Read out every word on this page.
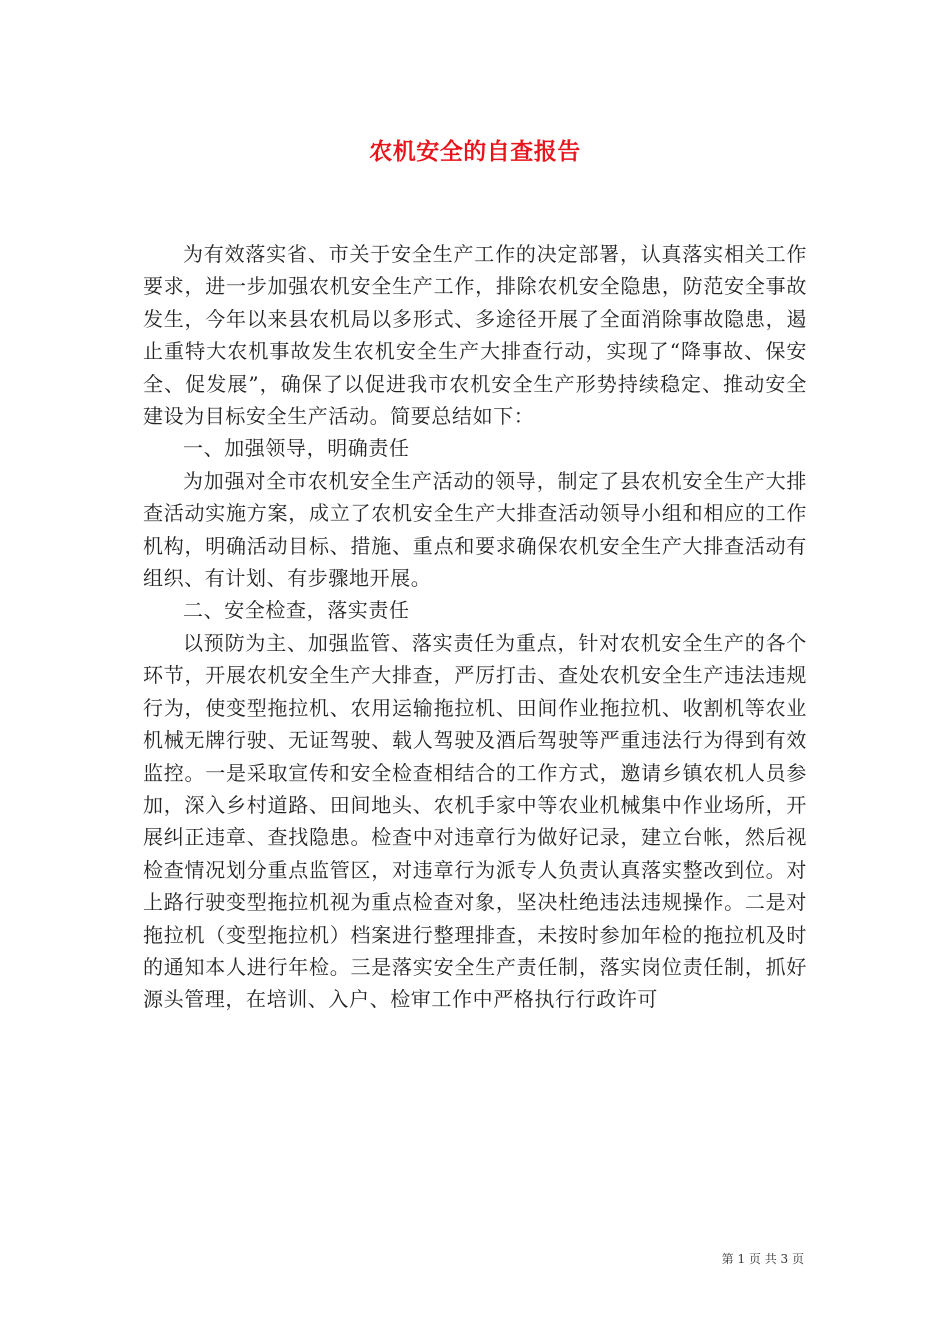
农机安全的自查报告

为有效落实省、市关于安全生产工作的决定部署，认真落实相关工作要求，进一步加强农机安全生产工作，排除农机安全隐患，防范安全事故发生，今年以来县农机局以多形式、多途径开展了全面消除事故隐患，遏止重特大农机事故发生农机安全生产大排查行动，实现了“降事故、保安全、促发展”，确保了以促进我市农机安全生产形势持续稳定、推动安全建设为目标安全生产活动。简要总结如下：

一、加强领导，明确责任

为加强对全市农机安全生产活动的领导，制定了县农机安全生产大排查活动实施方案，成立了农机安全生产大排查活动领导小组和相应的工作机构，明确活动目标、措施、重点和要求确保农机安全生产大排查活动有组织、有计划、有步骤地开展。

二、安全检查，落实责任

以预防为主、加强监管、落实责任为重点，针对农机安全生产的各个环节，开展农机安全生产大排查，严厉打击、查处农机安全生产违法违规行为，使变型拖拉机、农用运输拖拉机、田间作业拖拉机、收割机等农业机械无牌行驶、无证驾驶、载人驾驶及酒后驾驶等严重违法行为得到有效监控。一是采取宣传和安全检查相结合的工作方式，邀请乡镇农机人员参加，深入乡村道路、田间地头、农机手家中等农业机械集中作业场所，开展纠正违章、查找隐患。检查中对违章行为做好记录，建立台帐，然后视检查情况划分重点监管区，对违章行为派专人负责认真落实整改到位。对上路行驶变型拖拉机视为重点检查对象，坚决杜绝违法违规操作。二是对拖拉机（变型拖拉机）档案进行整理排查，未按时参加年检的拖拉机及时的通知本人进行年检。三是落实安全生产责任制，落实岗位责任制，抓好源头管理，在培训、入户、检审工作中严格执行行政许可

第 1 页 共 3 页
